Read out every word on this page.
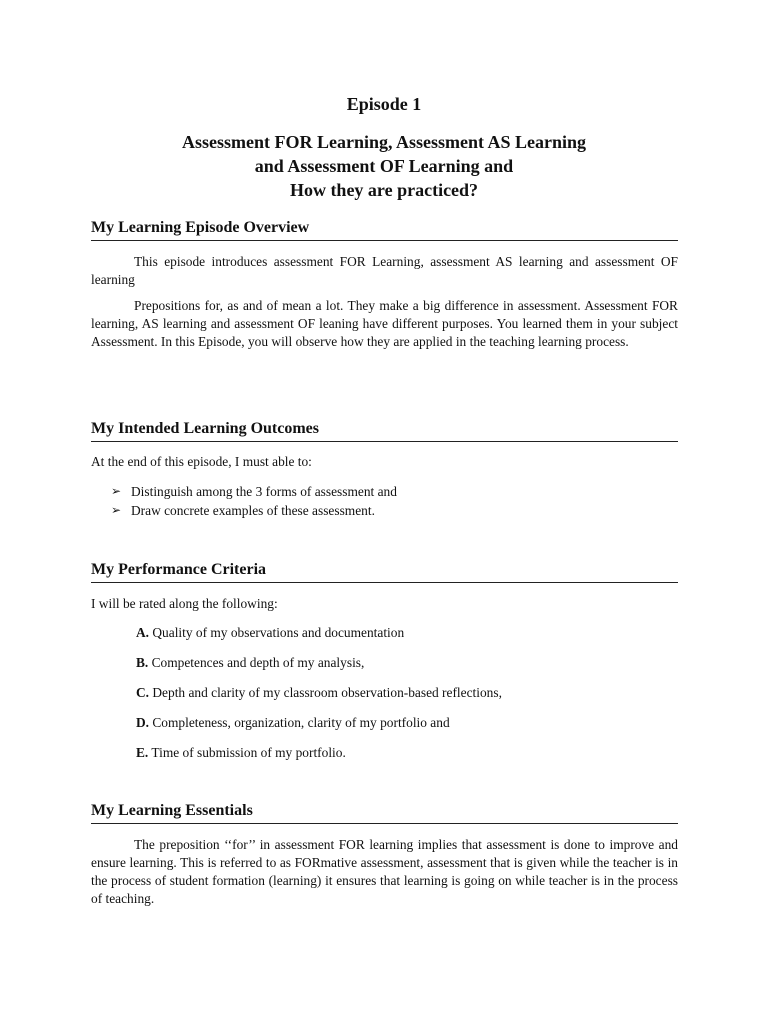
Episode 1
Assessment FOR Learning, Assessment AS Learning
and Assessment OF Learning and
How they are practiced?
My Learning Episode Overview

This episode introduces assessment FOR Learning, assessment AS learning and assessment OF learning

Prepositions for, as and of mean a lot. They make a big difference in assessment. Assessment FOR learning, AS learning and assessment OF leaning have different purposes. You learned them in your subject Assessment. In this Episode, you will observe how they are applied in the teaching learning process.

My Intended Learning Outcomes

At the end of this episode, I must able to:

➢ Distinguish among the 3 forms of assessment and
➢ Draw concrete examples of these assessment.
My Performance Criteria

I will be rated along the following:

A. Quality of my observations and documentation

B. Competences and depth of my analysis,

C. Depth and clarity of my classroom observation-based reflections,

D. Completeness, organization, clarity of my portfolio and

E. Time of submission of my portfolio.

My Learning Essentials

The preposition ‘‘for’’ in assessment FOR learning implies that assessment is done to improve and ensure learning. This is referred to as FORmative assessment, assessment that is given while the teacher is in the process of student formation (learning) it ensures that learning is going on while teacher is in the process of teaching.
